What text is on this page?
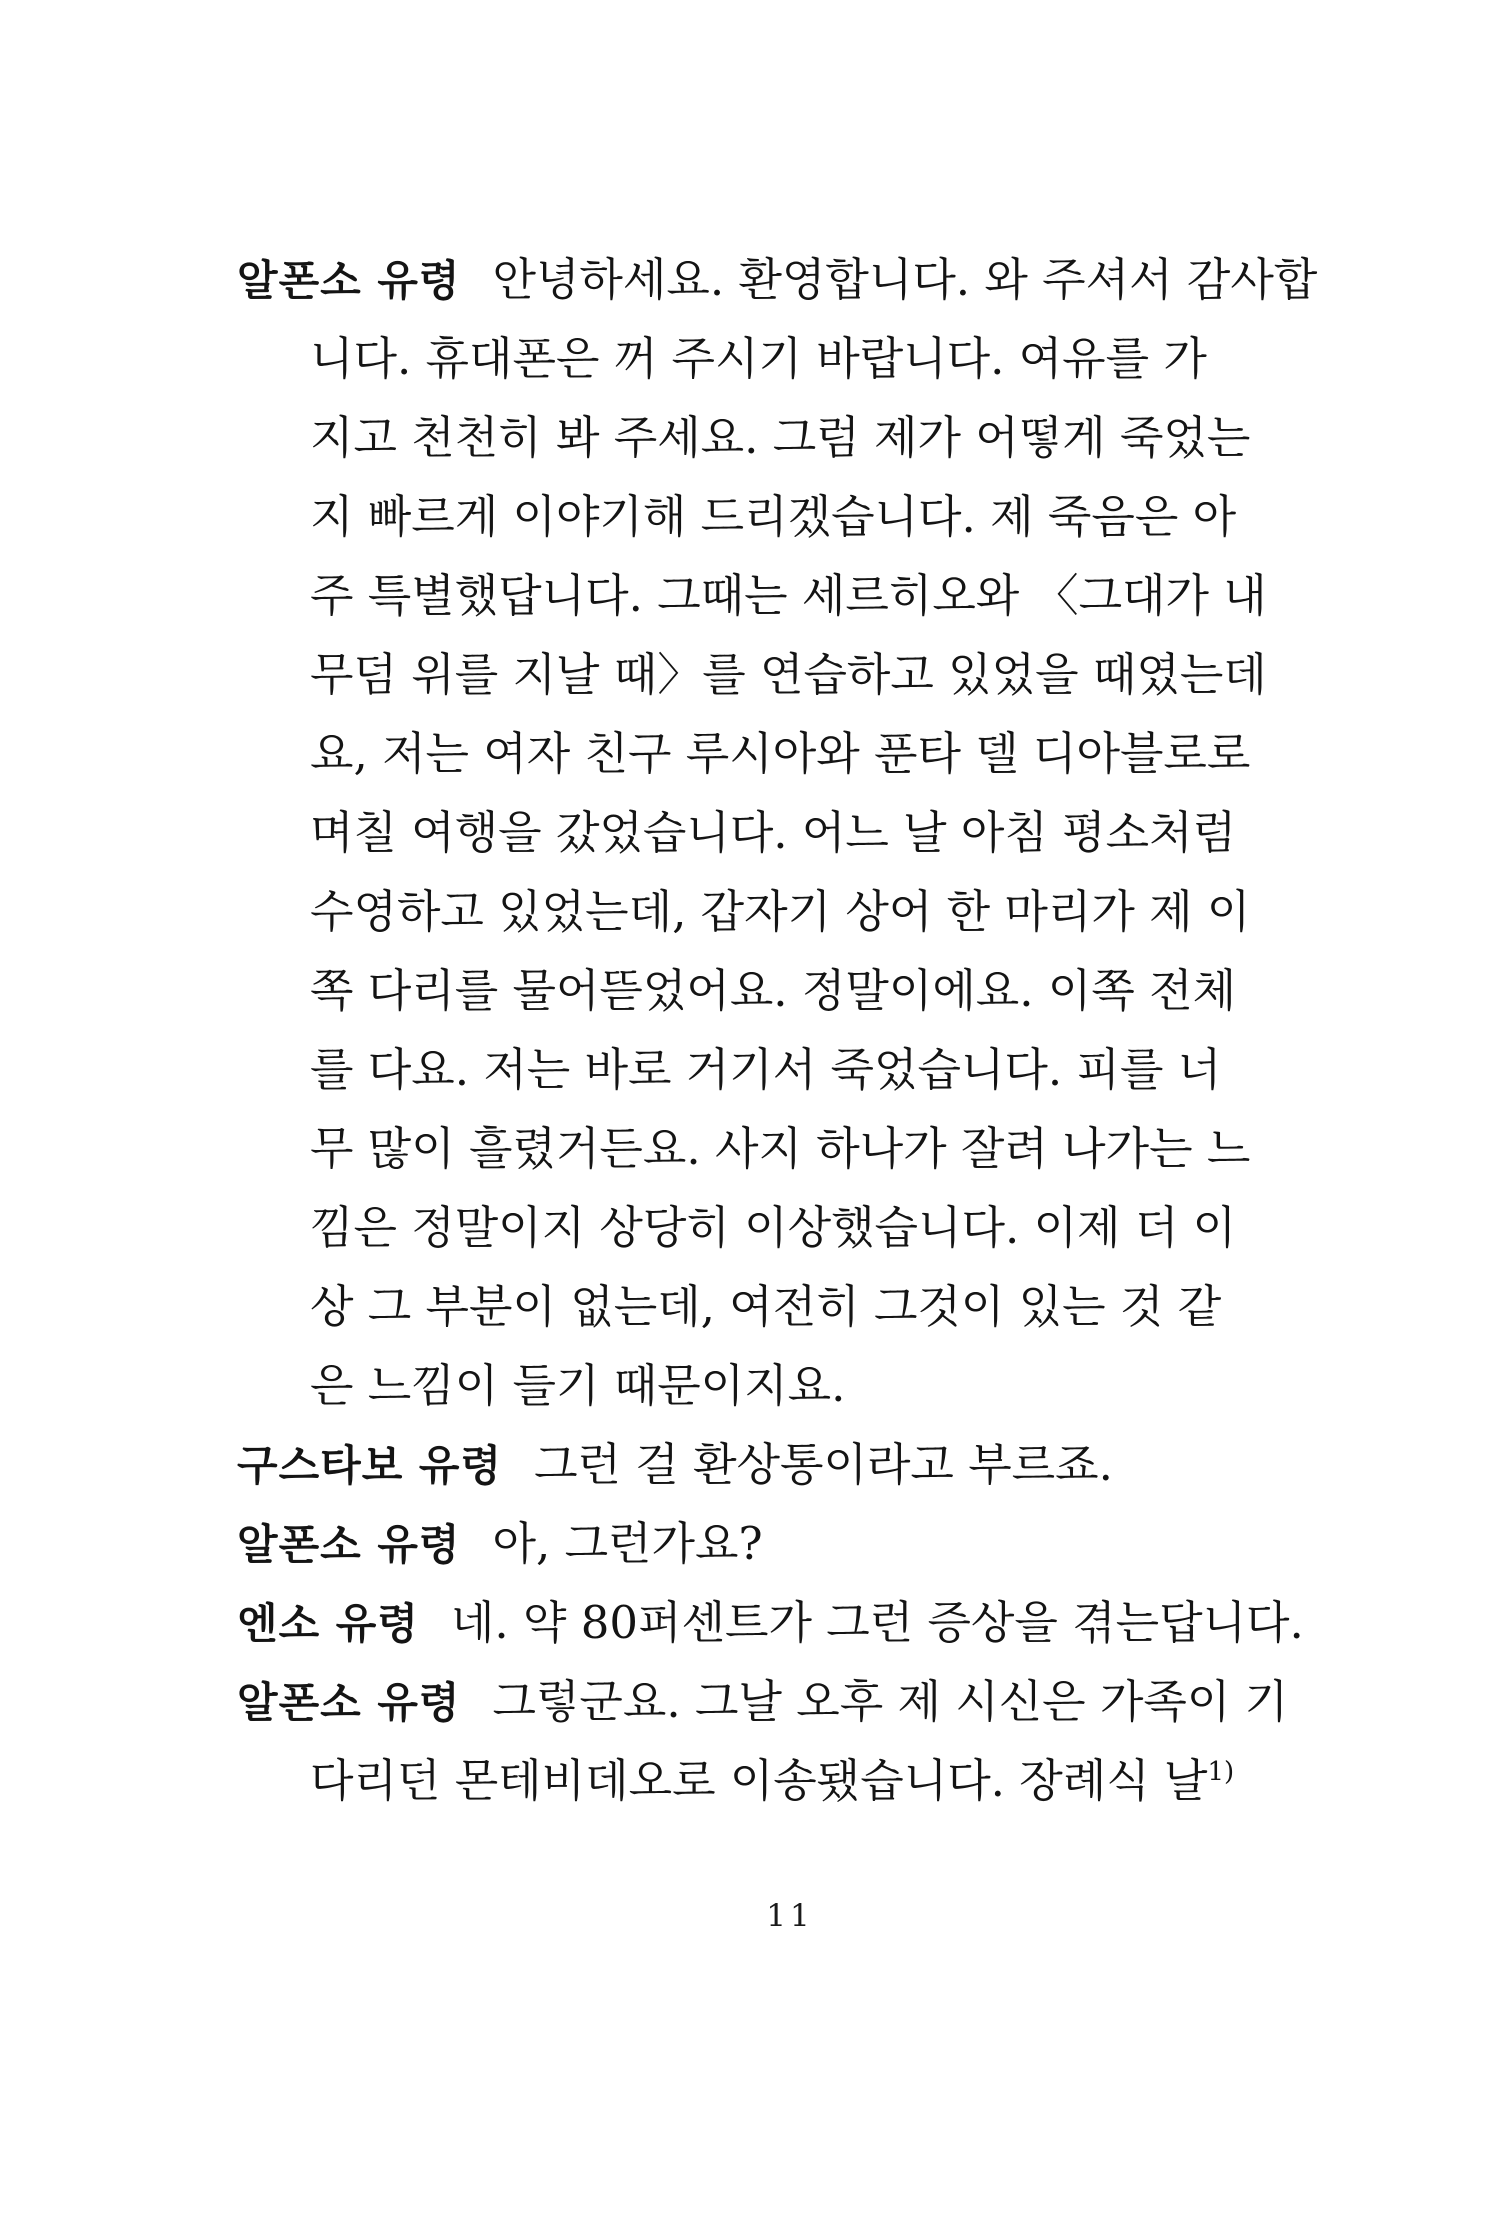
알폰소 유령 안녕하세요. 환영합니다. 와 주셔서 감사합
니다. 휴대폰은 꺼 주시기 바랍니다. 여유를 가
지고 천천히 봐 주세요. 그럼 제가 어떻게 죽었는
지 빠르게 이야기해 드리겠습니다. 제 죽음은 아
주 특별했답니다. 그때는 세르히오와 〈그대가 내
무덤 위를 지날 때〉를 연습하고 있었을 때였는데
요, 저는 여자 친구 루시아와 푼타 델 디아블로로
며칠 여행을 갔었습니다. 어느 날 아침 평소처럼
수영하고 있었는데, 갑자기 상어 한 마리가 제 이
쪽 다리를 물어뜯었어요. 정말이에요. 이쪽 전체
를 다요. 저는 바로 거기서 죽었습니다. 피를 너
무 많이 흘렸거든요. 사지 하나가 잘려 나가는 느
낌은 정말이지 상당히 이상했습니다. 이제 더 이
상 그 부분이 없는데, 여전히 그것이 있는 것 같
은 느낌이 들기 때문이지요.
구스타보 유령 그런 걸 환상통이라고 부르죠.
알폰소 유령 아, 그런가요?
엔소 유령 네. 약 80퍼센트가 그런 증상을 겪는답니다.
알폰소 유령 그렇군요. 그날 오후 제 시신은 가족이 기
다리던 몬테비데오로 이송됐습니다. 장례식 날$^{1)}$
11
